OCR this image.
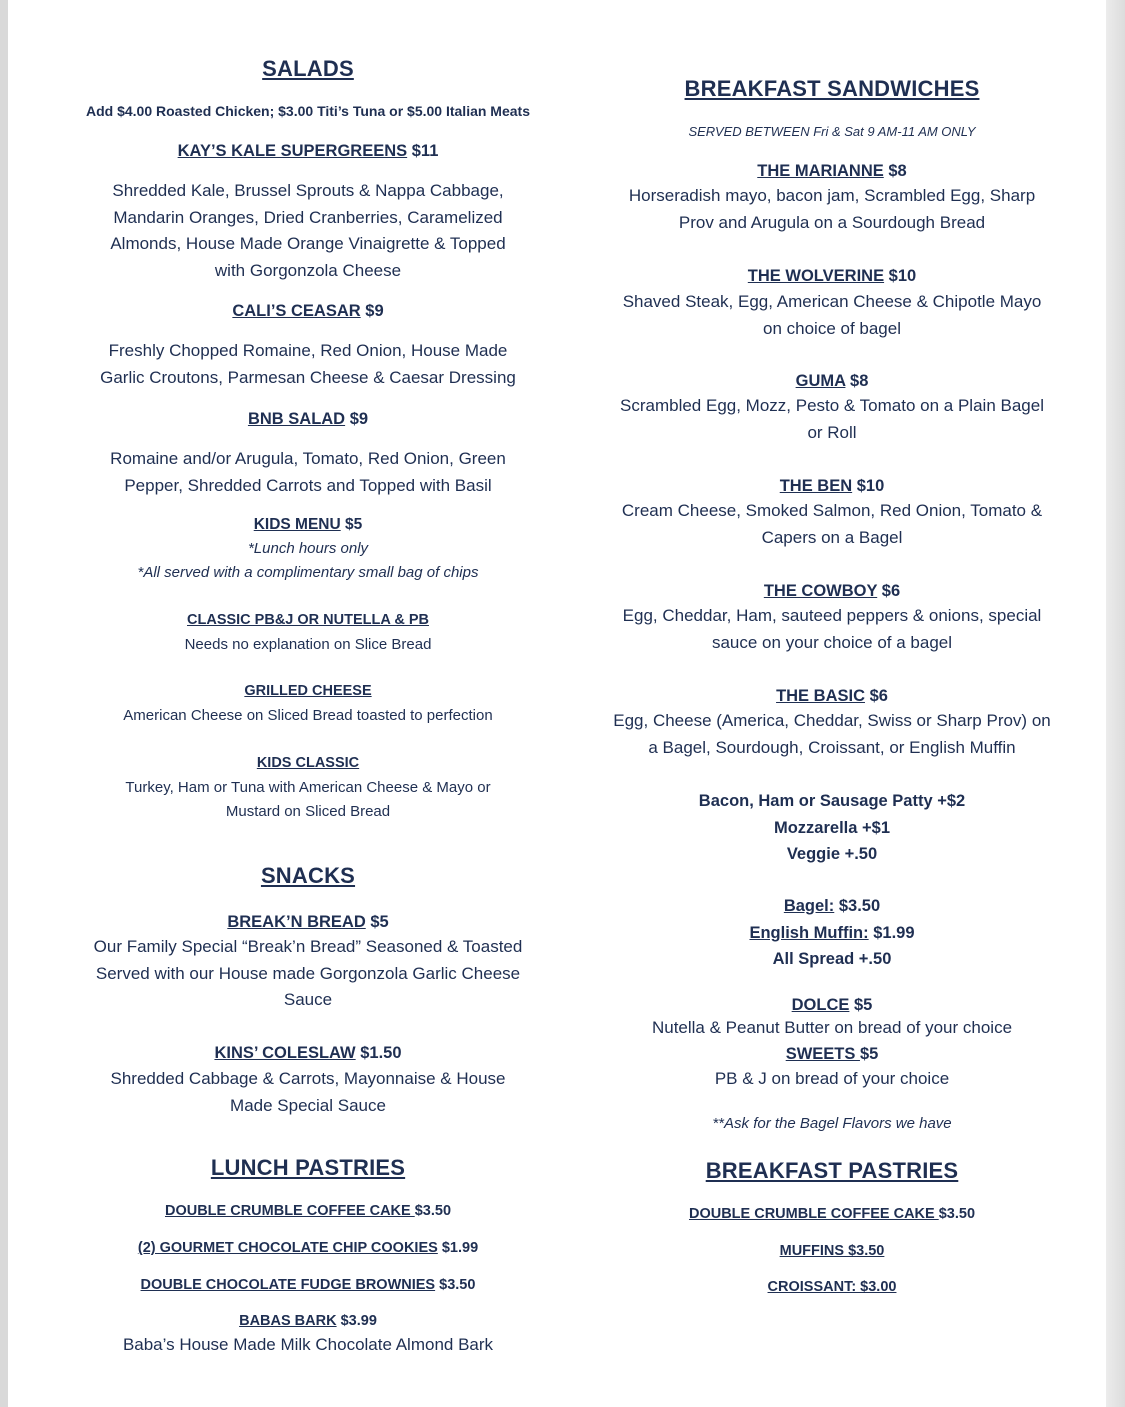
SALADS
Add $4.00 Roasted Chicken; $3.00 Titi’s Tuna or $5.00 Italian Meats
KAY’S KALE SUPERGREENS $11
Shredded Kale, Brussel Sprouts & Nappa Cabbage,
Mandarin Oranges, Dried Cranberries, Caramelized
Almonds, House Made Orange Vinaigrette & Topped
with Gorgonzola Cheese
CALI’S CEASAR $9
Freshly Chopped Romaine, Red Onion, House Made
Garlic Croutons, Parmesan Cheese & Caesar Dressing
BNB SALAD $9
Romaine and/or Arugula, Tomato, Red Onion, Green
Pepper, Shredded Carrots and Topped with Basil
KIDS MENU $5
*Lunch hours only
*All served with a complimentary small bag of chips
CLASSIC PB&J OR NUTELLA & PB
Needs no explanation on Slice Bread
GRILLED CHEESE
American Cheese on Sliced Bread toasted to perfection
KIDS CLASSIC
Turkey, Ham or Tuna with American Cheese & Mayo or
Mustard on Sliced Bread
SNACKS
BREAK’N BREAD $5
Our Family Special “Break’n Bread” Seasoned & Toasted
Served with our House made Gorgonzola Garlic Cheese
Sauce
KINS’ COLESLAW $1.50
Shredded Cabbage & Carrots, Mayonnaise & House
Made Special Sauce
LUNCH PASTRIES
DOUBLE CRUMBLE COFFEE CAKE $3.50
(2) GOURMET CHOCOLATE CHIP COOKIES $1.99
DOUBLE CHOCOLATE FUDGE BROWNIES $3.50
BABAS BARK $3.99
Baba’s House Made Milk Chocolate Almond Bark
BREAKFAST SANDWICHES
SERVED BETWEEN Fri & Sat 9 AM-11 AM ONLY
THE MARIANNE $8
Horseradish mayo, bacon jam, Scrambled Egg, Sharp
Prov and Arugula on a Sourdough Bread
THE WOLVERINE $10
Shaved Steak, Egg, American Cheese & Chipotle Mayo
on choice of bagel
GUMA $8
Scrambled Egg, Mozz, Pesto & Tomato on a Plain Bagel
or Roll
THE BEN $10
Cream Cheese, Smoked Salmon, Red Onion, Tomato &
Capers on a Bagel
THE COWBOY $6
Egg, Cheddar, Ham, sauteed peppers & onions, special
sauce on your choice of a bagel
THE BASIC $6
Egg, Cheese (America, Cheddar, Swiss or Sharp Prov) on
a Bagel, Sourdough, Croissant, or English Muffin
Bacon, Ham or Sausage Patty +$2
Mozzarella +$1
Veggie +.50
Bagel: $3.50
English Muffin: $1.99
All Spread +.50
DOLCE $5
Nutella & Peanut Butter on bread of your choice
SWEETS $5
PB & J on bread of your choice
**Ask for the Bagel Flavors we have
BREAKFAST PASTRIES
DOUBLE CRUMBLE COFFEE CAKE $3.50
MUFFINS $3.50
CROISSANT: $3.00
